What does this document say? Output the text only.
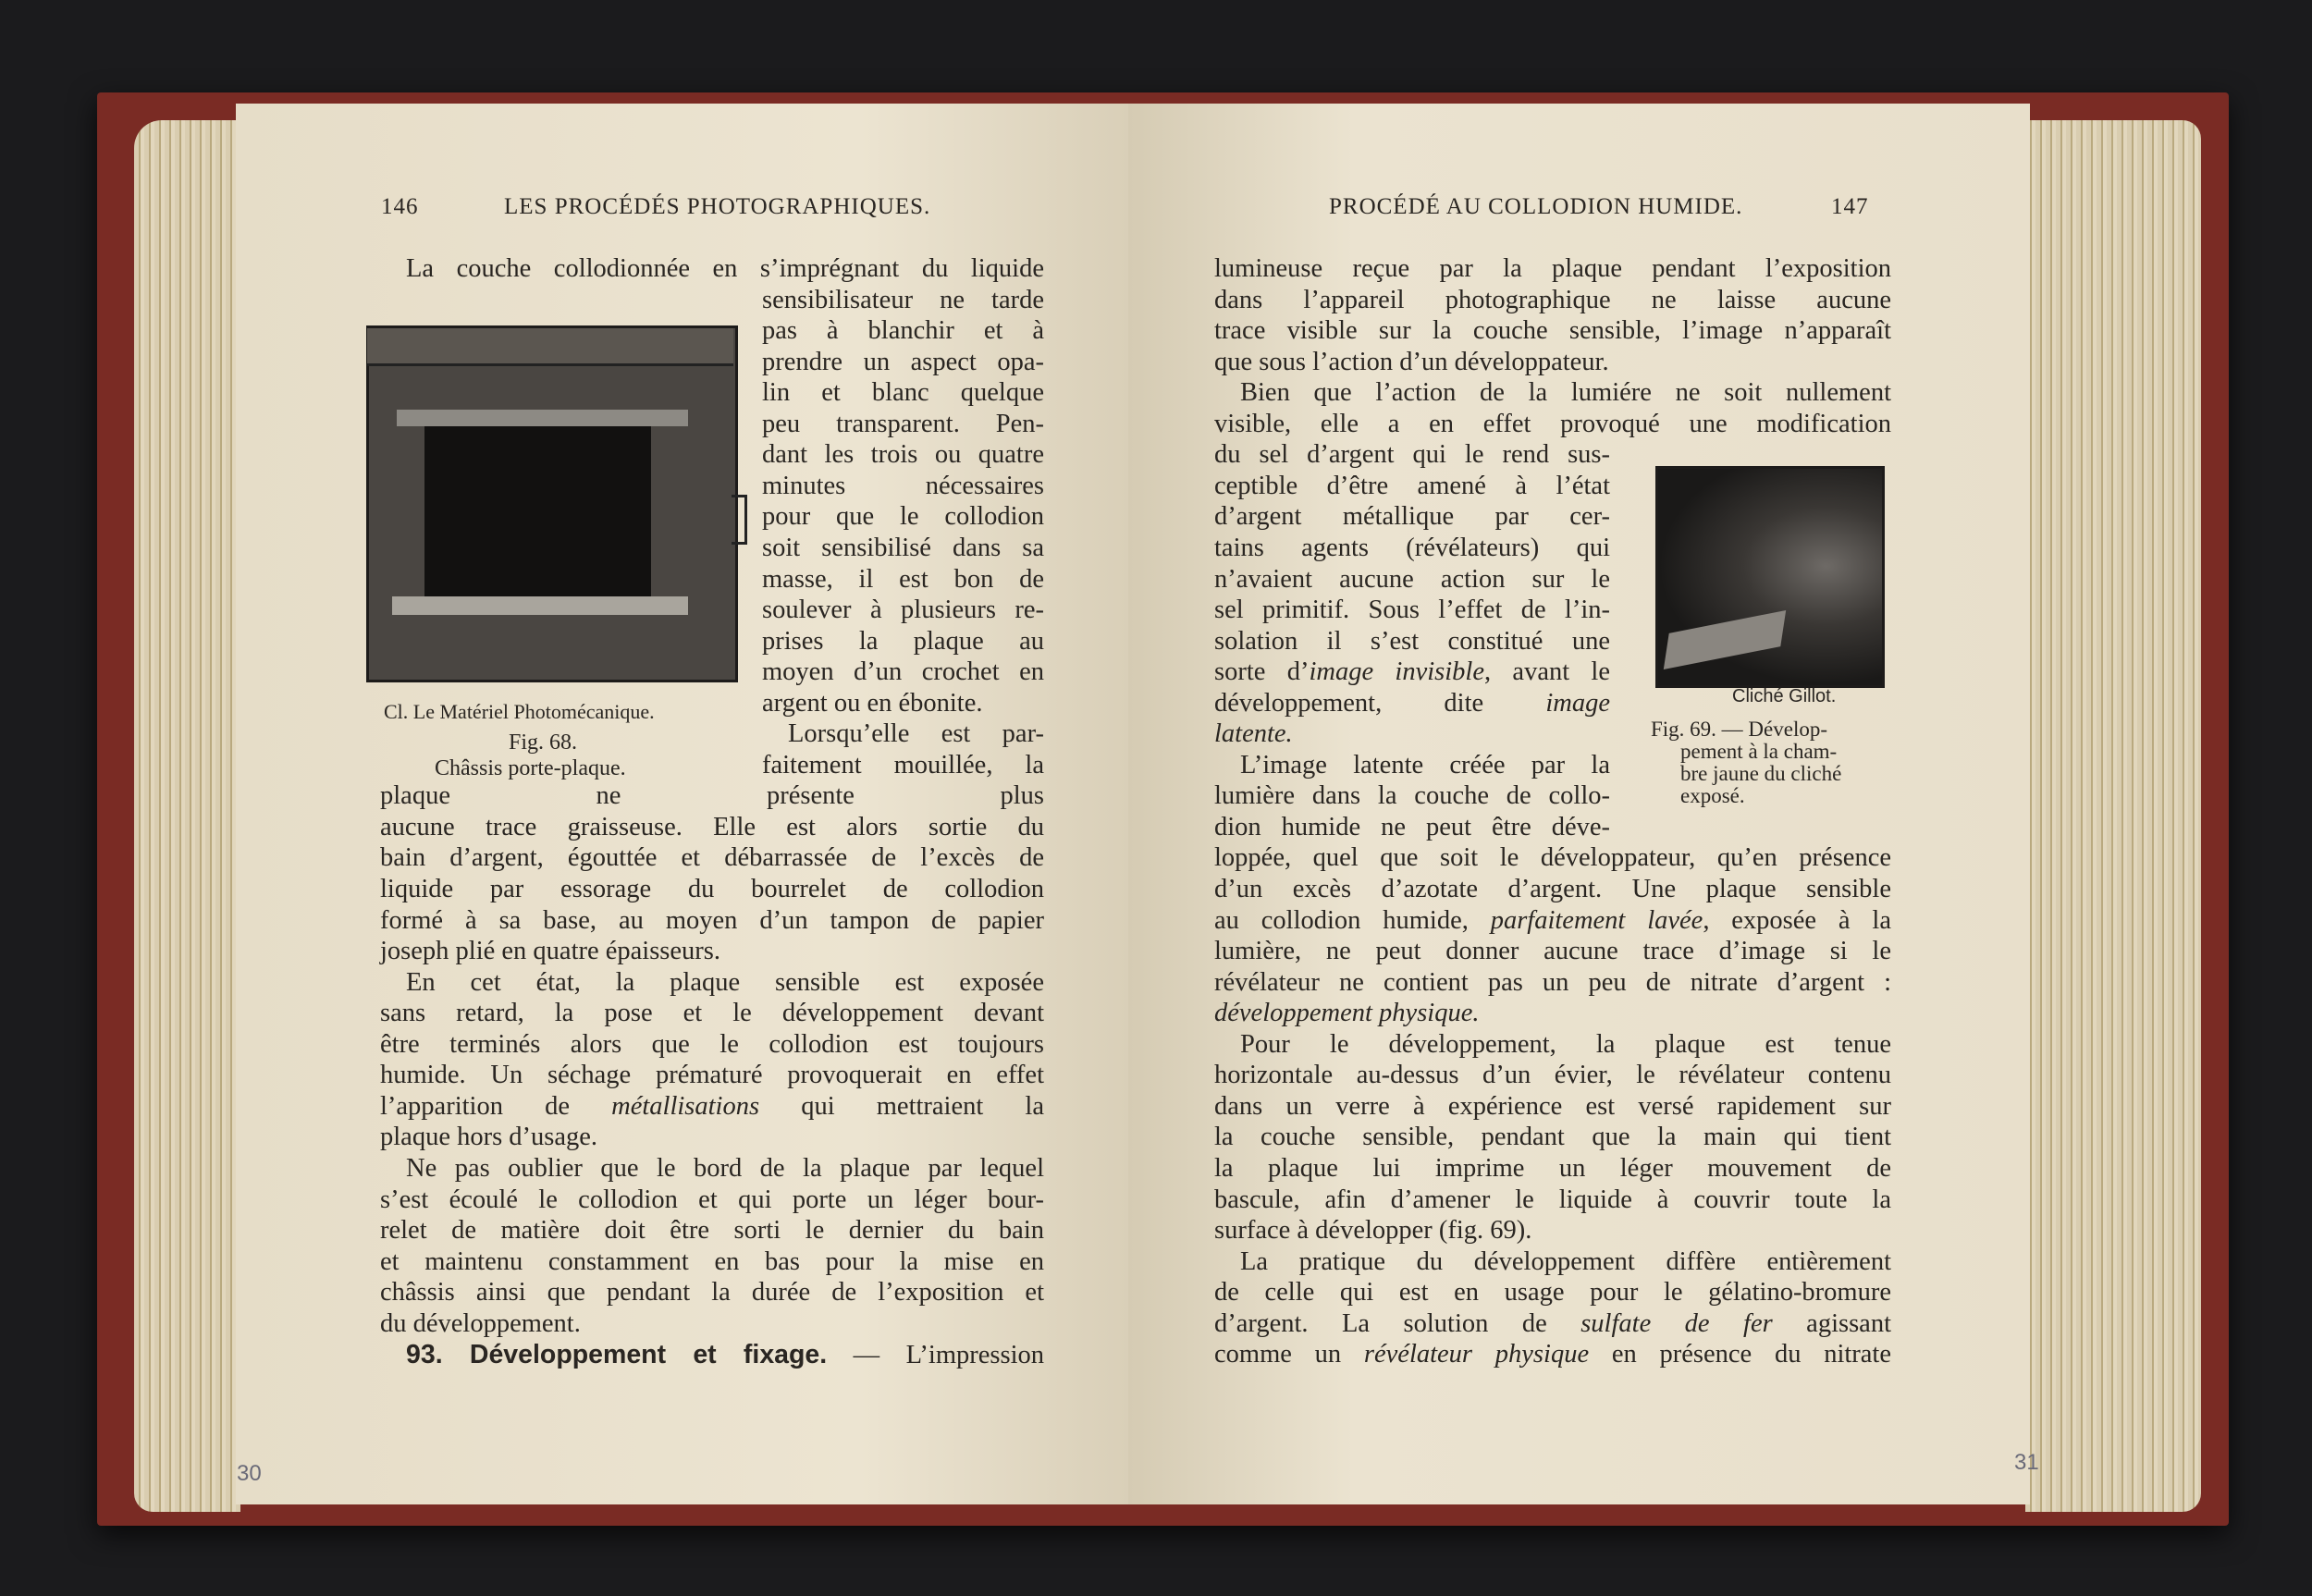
146	LES PROCÉDÉS PHOTOGRAPHIQUES.	PROCÉDÉ AU COLLODION HUMIDE.	147
Cl. Le Matériel Photomécanique.
Fig. 68.
Châssis porte-plaque.
Cliché Gillot.
Fig. 69. — Dévelop-
pement à la cham-
bre jaune du cliché
exposé.
La couche collodionnée en s’imprégnant du liquide
sensibilisateur ne tarde
pas à blanchir et à
prendre un aspect opa-
lin et blanc quelque
peu transparent. Pen-
dant les trois ou quatre
minutes nécessaires
pour que le collodion
soit sensibilisé dans sa
masse, il est bon de
soulever à plusieurs re-
prises la plaque au
moyen d’un crochet en
argent ou en ébonite.
Lorsqu’elle est par-
faitement mouillée, la
plaque ne présente plus
aucune trace graisseuse. Elle est alors sortie du
bain d’argent, égouttée et débarrassée de l’excès de
liquide par essorage du bourrelet de collodion
formé à sa base, au moyen d’un tampon de papier
joseph plié en quatre épaisseurs.
En cet état, la plaque sensible est exposée
sans retard, la pose et le développement devant
être terminés alors que le collodion est toujours
humide. Un séchage prématuré provoquerait en effet
l’apparition de métallisations qui mettraient la
plaque hors d’usage.
Ne pas oublier que le bord de la plaque par lequel
s’est écoulé le collodion et qui porte un léger bour-
relet de matière doit être sorti le dernier du bain
et maintenu constamment en bas pour la mise en
châssis ainsi que pendant la durée de l’exposition et
du développement.
93. Développement et fixage. — L’impression
lumineuse reçue par la plaque pendant l’exposition
dans l’appareil photographique ne laisse aucune
trace visible sur la couche sensible, l’image n’apparaît
que sous l’action d’un développateur.
Bien que l’action de la lumiére ne soit nullement
visible, elle a en effet provoqué une modification
du sel d’argent qui le rend sus-
ceptible d’être amené à l’état
d’argent métallique par cer-
tains agents (révélateurs) qui
n’avaient aucune action sur le
sel primitif. Sous l’effet de l’in-
solation il s’est constitué une
sorte d’image invisible, avant le
développement, dite image
latente.
L’image latente créée par la
lumière dans la couche de collo-
dion humide ne peut être déve-
loppée, quel que soit le développateur, qu’en présence
d’un excès d’azotate d’argent. Une plaque sensible
au collodion humide, parfaitement lavée, exposée à la
lumière, ne peut donner aucune trace d’image si le
révélateur ne contient pas un peu de nitrate d’argent :
développement physique.
Pour le développement, la plaque est tenue
horizontale au-dessus d’un évier, le révélateur contenu
dans un verre à expérience est versé rapidement sur
la couche sensible, pendant que la main qui tient
la plaque lui imprime un léger mouvement de
bascule, afin d’amener le liquide à couvrir toute la
surface à développer (fig. 69).
La pratique du développement diffère entièrement
de celle qui est en usage pour le gélatino-bromure
d’argent. La solution de sulfate de fer agissant
comme un révélateur physique en présence du nitrate
30	31
